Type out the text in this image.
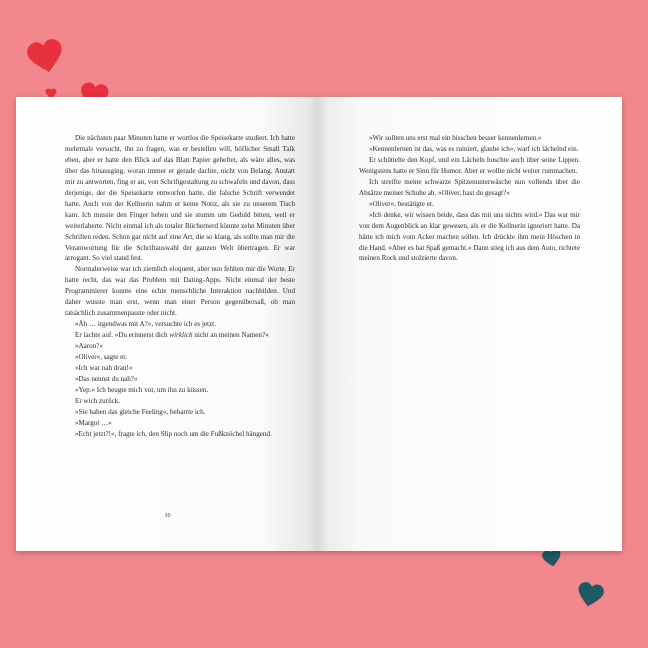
Die nächsten paar Minuten hatte er wortlos die Speisekarte studiert. Ich hatte mehrmals versucht, ihn zu fragen, was er bestellen will, höflicher Small Talk eben, aber er hatte den Blick auf das Blatt Papier geheftet, als wäre alles, was über das hinausging, woran immer er gerade dachte, nicht von Belang. Anstatt mir zu antworten, fing er an, von Schriftgestaltung zu schwafeln und davon, dass derjenige, der die Speisekarte entworfen hatte, die falsche Schrift verwendet hatte. Auch von der Kellnerin nahm er keine Notiz, als sie zu unserem Tisch kam. Ich musste den Finger heben und sie stumm um Geduld bitten, weil er weiterlaberte. Nicht einmal ich als totaler Büchernerd könnte zehn Minuten über Schriften reden. Schon gar nicht auf eine Art, die so klang, als sollte man mir die Verantwortung für die Schriftauswahl der ganzen Welt übertragen. Er war arrogant. So viel stand fest.

Normalerweise war ich ziemlich eloquent, aber nun fehlten mir die Worte. Er hatte recht, das war das Problem mit Dating-Apps. Nicht einmal der beste Programmierer konnte eine echte menschliche Interaktion nachbilden. Und daher wusste man erst, wenn man einer Person gegenübersaß, ob man tatsächlich zusammenpasste oder nicht.

»Äh … irgendwas mit A?«, versuchte ich es jetzt.

Er lachte auf. »Du erinnerst dich wirklich nicht an meinen Namen?«

»Aaron?«

»Oliver«, sagte er.

»Ich war nah dran!«

»Das nennst du nah?«

»Yep.« Ich beugte mich vor, um ihn zu küssen.

Er wich zurück.

»Sie haben das gleiche Feeling«, beharrte ich.

»Margot …«

»Echt jetzt?!«, fragte ich, den Slip noch um die Fußknöchel hängend.

10

»Wir sollten uns erst mal ein bisschen besser kennenlernen.«

»Kennenlernen ist das, was es ruiniert, glaube ich«, warf ich lächelnd ein.

Er schüttelte den Kopf, und ein Lächeln huschte auch über seine Lippen. Wenigstens hatte er Sinn für Humor. Aber er wollte nicht weiter rummachen.

Ich streifte meine schwarze Spitzenunterwäsche nun vollends über die Absätze meiner Schuhe ab. »Oliver, hast du gesagt?«

»Oliver«, bestätigte er.

»Ich denke, wir wissen beide, dass das mit uns nichts wird.« Das war mir von dem Augenblick an klar gewesen, als er die Kellnerin ignoriert hatte. Da hätte ich mich vom Acker machen sollen. Ich drückte ihm mein Höschen in die Hand. »Aber es hat Spaß gemacht.« Dann stieg ich aus dem Auto, richtete meinen Rock und stolzierte davon.
